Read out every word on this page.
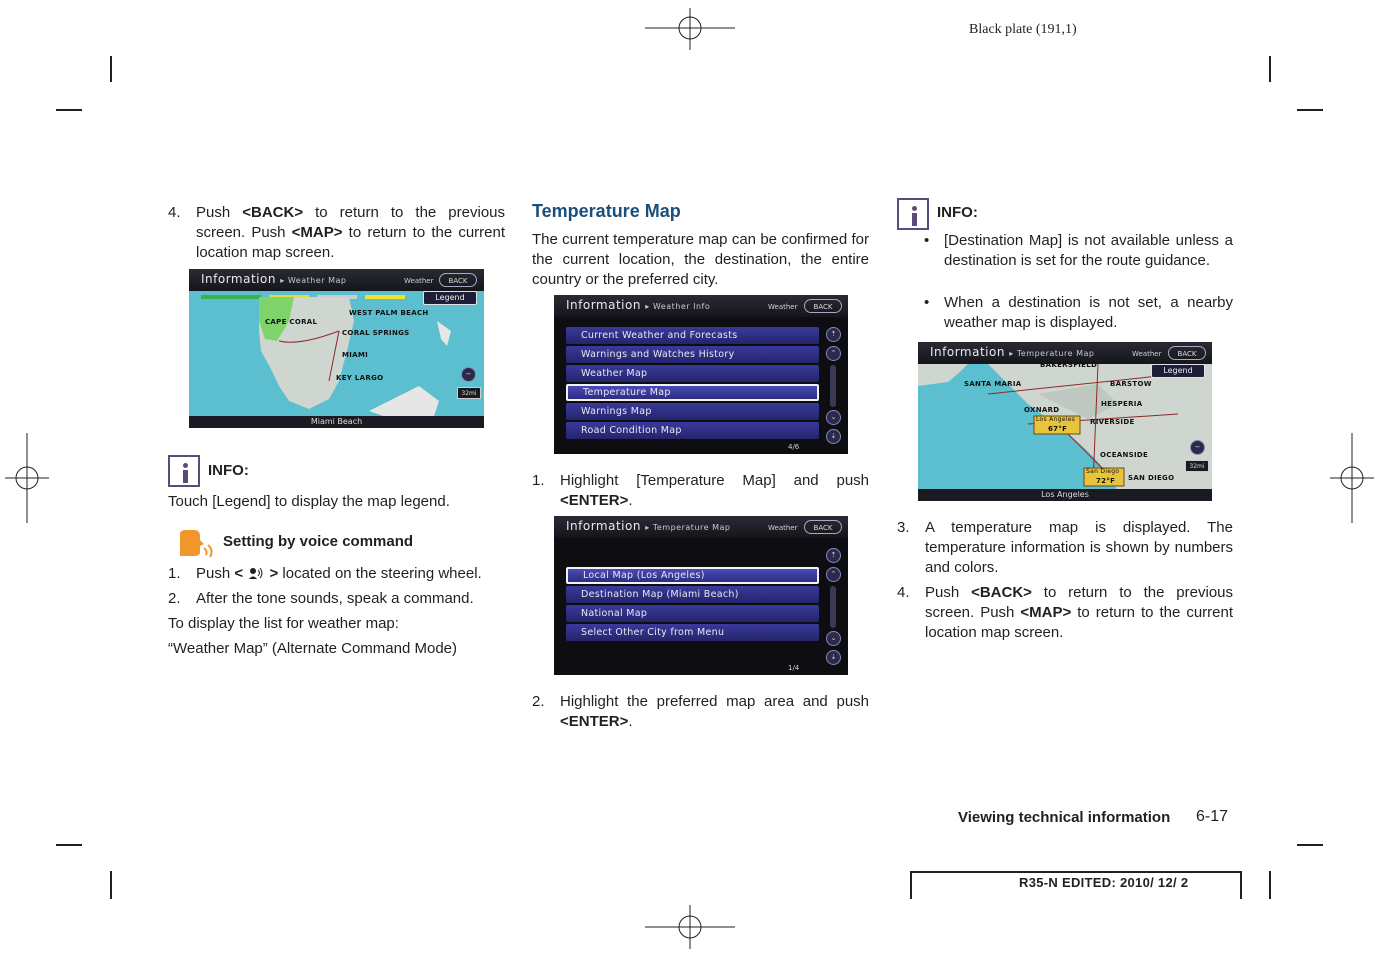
Black plate (191,1)
4.	Push <BACK> to return to the previous screen. Push <MAP> to return to the current location map screen.
Information ▸ Weather Map	Weather	BACK
CAPE CORAL
WEST PALM BEACH
CORAL SPRINGS
MIAMI
KEY LARGO
Legend
32mi
−
Miami Beach
INFO:
Touch [Legend] to display the map legend.
Setting by voice command
1.	Push < > located on the steering wheel.
2.	After the tone sounds, speak a command.
To display the list for weather map:
“Weather Map” (Alternate Command Mode)
Temperature Map
The current temperature map can be confirmed for the current location, the destination, the entire country or the preferred city.
Information ▸ Weather Info	Weather	BACK
Current Weather and Forecasts
Warnings and Watches History
Weather Map
Temperature Map
Warnings Map
Road Condition Map
⇡
⌃
⌄
⇣
4/6
1.	Highlight [Temperature Map] and push <ENTER>.
Information ▸ Temperature Map	Weather	BACK
Local Map (Los Angeles)
Destination Map (Miami Beach)
National Map
Select Other City from Menu
⇡
⌃
⌄
⇣
1/4
2.	Highlight the preferred map area and push <ENTER>.
INFO:
• [Destination Map] is not available unless a destination is set for the route guidance.
• When a destination is not set, a nearby weather map is displayed.
Information ▸ Temperature Map	Weather	BACK
BAKERSFIELD
SANTA MARIA	BARSTOW
HESPERIA
OXNARD
RIVERSIDE
OCEANSIDE
SAN DIEGO
Los Angeles
67°F
San Diego
72°F
Legend
−
32mi
Los Angeles
3.	A temperature map is displayed. The temperature information is shown by numbers and colors.
4.	Push <BACK> to return to the previous screen. Push <MAP> to return to the current location map screen.
Viewing technical information 6-17
R35-N EDITED: 2010/ 12/ 2
